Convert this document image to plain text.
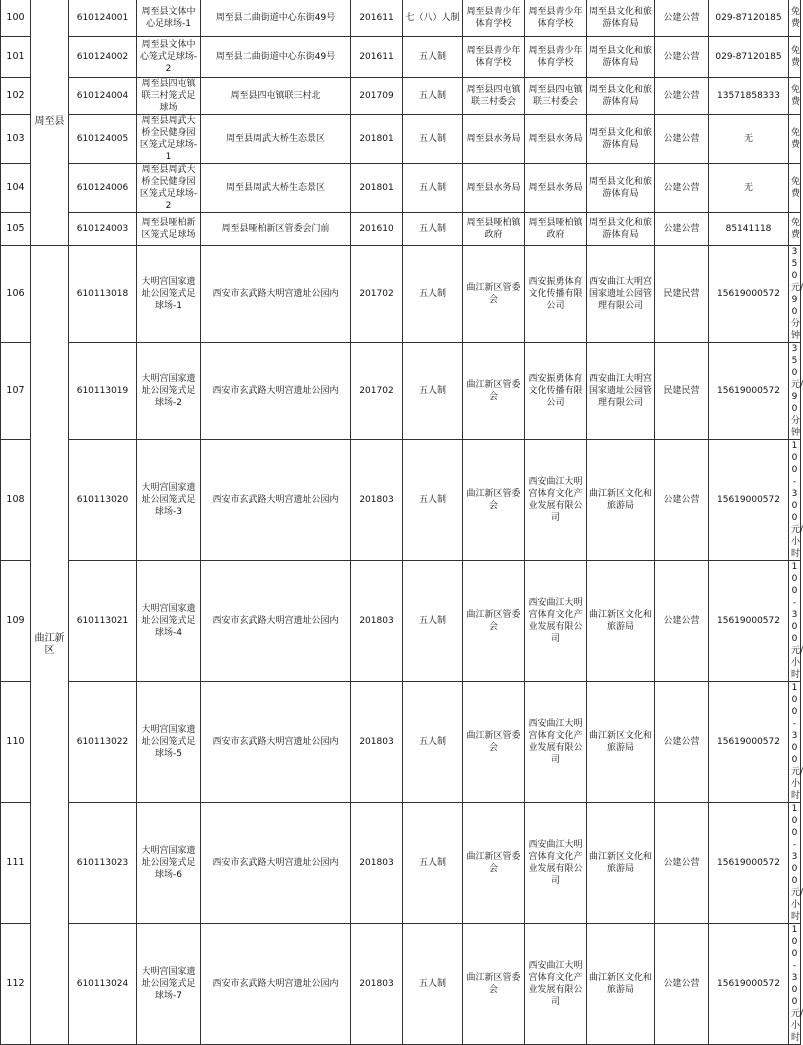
100	周至县	610124001	周至县文体中心足球场-1	周至县二曲街道中心东街49号	201611	七（八）人制	周至县青少年体育学校	周至县青少年体育学校	周至县文化和旅游体育局	公建公营	029-87120185	免费
101		610124002	周至县文体中心笼式足球场-2	周至县二曲街道中心东街49号	201611	五人制	周至县青少年体育学校	周至县青少年体育学校	周至县文化和旅游体育局	公建公营	029-87120185	免费
102		610124004	周至县四屯镇联三村笼式足球场	周至县四屯镇联三村北	201709	五人制	周至县四屯镇联三村委会	周至县四屯镇联三村委会	周至县文化和旅游体育局	公建公营	13571858333	免费
103		610124005	周至县周武大桥全民健身园区笼式足球场-1	周至县周武大桥生态景区	201801	五人制	周至县水务局	周至县水务局	周至县文化和旅游体育局	公建公营	无	免费
104		610124006	周至县周武大桥全民健身园区笼式足球场-2	周至县周武大桥生态景区	201801	五人制	周至县水务局	周至县水务局	周至县文化和旅游体育局	公建公营	无	免费
105		610124003	周至县哑柏新区笼式足球场	周至县哑柏新区管委会门前	201610	五人制	周至县哑柏镇政府	周至县哑柏镇政府	周至县文化和旅游体育局	公建公营	85141118	免费
106	曲江新区	610113018	大明宫国家遗址公园笼式足球场-1	西安市玄武路大明宫遗址公园内	201702	五人制	曲江新区管委会	西安振勇体育文化传播有限公司	西安曲江大明宫国家遗址公园管理有限公司	民建民营	15619000572	350元/90分钟
107		610113019	大明宫国家遗址公园笼式足球场-2	西安市玄武路大明宫遗址公园内	201702	五人制	曲江新区管委会	西安振勇体育文化传播有限公司	西安曲江大明宫国家遗址公园管理有限公司	民建民营	15619000572	350元/90分钟
108		610113020	大明宫国家遗址公园笼式足球场-3	西安市玄武路大明宫遗址公园内	201803	五人制	曲江新区管委会	西安曲江大明宫体育文化产业发展有限公司	曲江新区文化和旅游局	公建公营	15619000572	100-300元/小时
109		610113021	大明宫国家遗址公园笼式足球场-4	西安市玄武路大明宫遗址公园内	201803	五人制	曲江新区管委会	西安曲江大明宫体育文化产业发展有限公司	曲江新区文化和旅游局	公建公营	15619000572	100-300元/小时
110		610113022	大明宫国家遗址公园笼式足球场-5	西安市玄武路大明宫遗址公园内	201803	五人制	曲江新区管委会	西安曲江大明宫体育文化产业发展有限公司	曲江新区文化和旅游局	公建公营	15619000572	100-300元/小时
111		610113023	大明宫国家遗址公园笼式足球场-6	西安市玄武路大明宫遗址公园内	201803	五人制	曲江新区管委会	西安曲江大明宫体育文化产业发展有限公司	曲江新区文化和旅游局	公建公营	15619000572	100-300元/小时
112		610113024	大明宫国家遗址公园笼式足球场-7	西安市玄武路大明宫遗址公园内	201803	五人制	曲江新区管委会	西安曲江大明宫体育文化产业发展有限公司	曲江新区文化和旅游局	公建公营	15619000572	100-300元/小时
